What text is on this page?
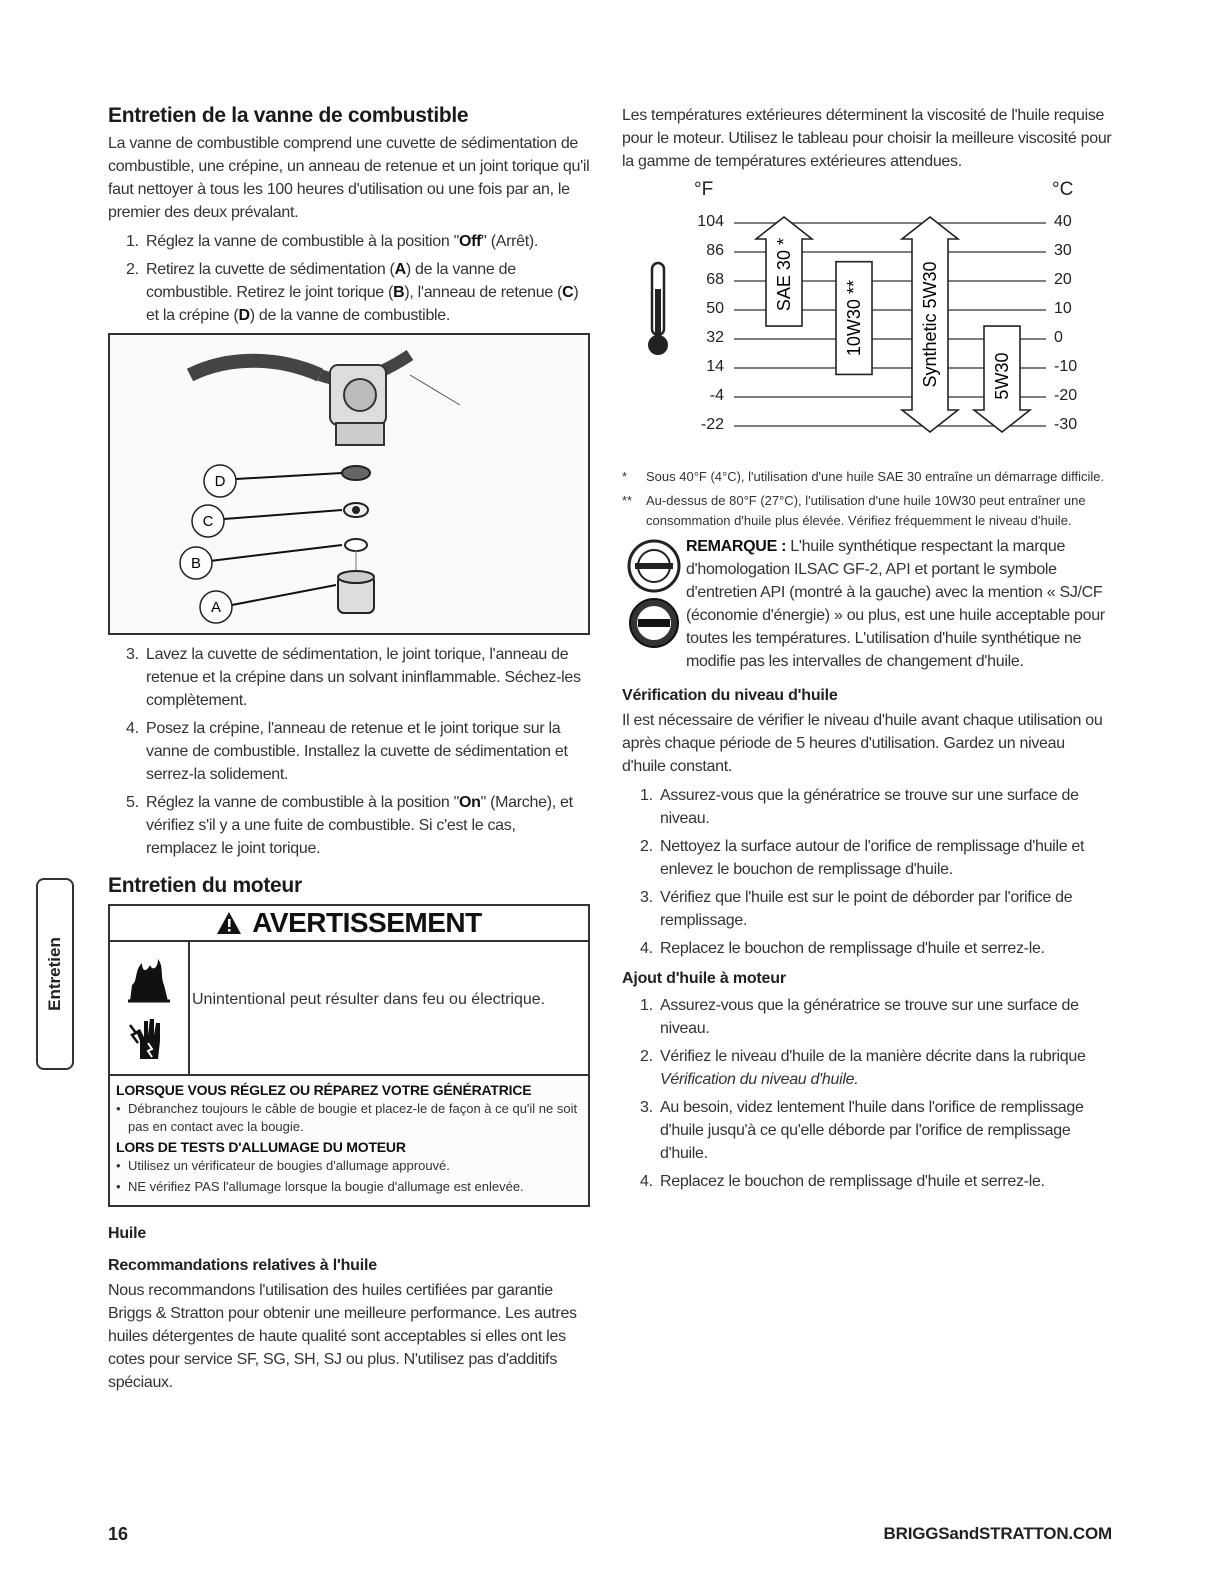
Entretien de la vanne de combustible

La vanne de combustible comprend une cuvette de sédimentation de combustible, une crépine, un anneau de retenue et un joint torique qu'il faut nettoyer à tous les 100 heures d'utilisation ou une fois par an, le premier des deux prévalant.

1. Réglez la vanne de combustible à la position "Off" (Arrêt).
2. Retirez la cuvette de sédimentation (A) de la vanne de combustible. Retirez le joint torique (B), l'anneau de retenue (C) et la crépine (D) de la vanne de combustible.
D
C
B
A
3. Lavez la cuvette de sédimentation, le joint torique, l'anneau de retenue et la crépine dans un solvant ininflammable. Séchez-les complètement.
4. Posez la crépine, l'anneau de retenue et le joint torique sur la vanne de combustible. Installez la cuvette de sédimentation et serrez-la solidement.
5. Réglez la vanne de combustible à la position "On" (Marche), et vérifiez s'il y a une fuite de combustible. Si c'est le cas, remplacez le joint torique.
Entretien du moteur
AVERTISSEMENT
Unintentional peut résulter dans feu ou électrique.
LORSQUE VOUS RÉGLEZ OU RÉPAREZ VOTRE GÉNÉRATRICE
• Débranchez toujours le câble de bougie et placez-le de façon à ce qu'il ne soit pas en contact avec la bougie.
LORS DE TESTS D'ALLUMAGE DU MOTEUR
• Utilisez un vérificateur de bougies d'allumage approuvé.
• NE vérifiez PAS l'allumage lorsque la bougie d'allumage est enlevée.
Huile
Recommandations relatives à l'huile

Nous recommandons l'utilisation des huiles certifiées par garantie Briggs & Stratton pour obtenir une meilleure performance. Les autres huiles détergentes de haute qualité sont acceptables si elles ont les cotes pour service SF, SG, SH, SJ ou plus. N'utilisez pas d'additifs spéciaux.

Les températures extérieures déterminent la viscosité de l'huile requise pour le moteur. Utilisez le tableau pour choisir la meilleure viscosité pour la gamme de températures extérieures attendues.

°F	°C
SAE 30 *
10W30 **	Synthetic 5W30	5W30
104	40
86	30
68	20
50	10
32	0
14	-10
-4	-20
-22	-30
*	Sous 40°F (4°C), l'utilisation d'une huile SAE 30 entraîne un démarrage difficile.
**	Au-dessus de 80°F (27°C), l'utilisation d'une huile 10W30 peut entraîner une consommation d'huile plus élevée. Vérifiez fréquemment le niveau d'huile.
REMARQUE : L'huile synthétique respectant la marque d'homologation ILSAC GF-2, API et portant le symbole d'entretien API (montré à la gauche) avec la mention « SJ/CF (économie d'énergie) » ou plus, est une huile acceptable pour toutes les températures. L'utilisation d'huile synthétique ne modifie pas les intervalles de changement d'huile.
Vérification du niveau d'huile

Il est nécessaire de vérifier le niveau d'huile avant chaque utilisation ou après chaque période de 5 heures d'utilisation. Gardez un niveau d'huile constant.

1. Assurez-vous que la génératrice se trouve sur une surface de niveau.
2. Nettoyez la surface autour de l'orifice de remplissage d'huile et enlevez le bouchon de remplissage d'huile.
3. Vérifiez que l'huile est sur le point de déborder par l'orifice de remplissage.
4. Replacez le bouchon de remplissage d'huile et serrez-le.
Ajout d'huile à moteur
1. Assurez-vous que la génératrice se trouve sur une surface de niveau.
2. Vérifiez le niveau d'huile de la manière décrite dans la rubrique Vérification du niveau d'huile.
3. Au besoin, videz lentement l'huile dans l'orifice de remplissage d'huile jusqu'à ce qu'elle déborde par l'orifice de remplissage d'huile.
4. Replacez le bouchon de remplissage d'huile et serrez-le.
Entretien
16	BRIGGSandSTRATTON.COM
